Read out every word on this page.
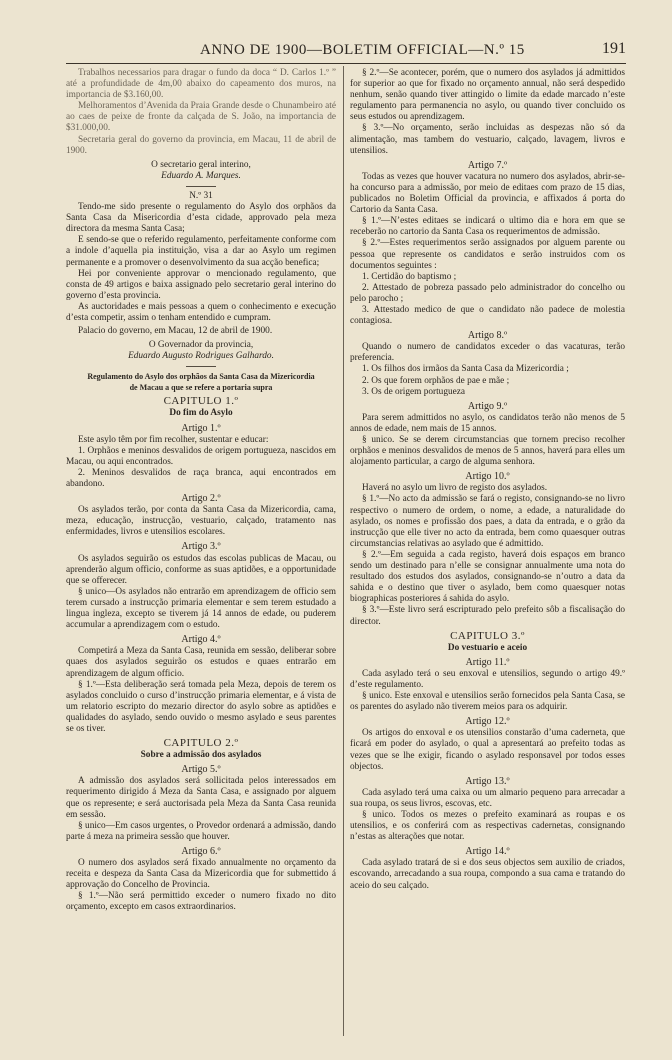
ANNO DE 1900—BOLETIM OFFICIAL—N.º 15	191

Trabalhos necessarios para dragar o fundo da doca “ D. Carlos 1.º ” até a profundidade de 4m,00 abaixo do capeamento dos muros, na importancia de $3.160,00.

Melhoramentos d’Avenida da Praia Grande desde o Chunambeiro até ao caes de peixe de fronte da calçada de S. João, na importancia de $31.000,00.

Secretaria geral do governo da provincia, em Macau, 11 de abril de 1900.

O secretario geral interino,

Eduardo A. Marques.

N.º 31

Tendo-me sido presente o regulamento do Asylo dos orphãos da Santa Casa da Misericordia d’esta cidade, approvado pela meza directora da mesma Santa Casa;

E sendo-se que o referido regulamento, perfeitamente conforme com a indole d’aquella pia instituição, visa a dar ao Asylo um regimen permanente e a promover o desenvolvimento da sua acção benefica;

Hei por conveniente approvar o mencionado regulamento, que consta de 49 artigos e baixa assignado pelo secretario geral interino do governo d’esta provincia.

As auctoridades e mais pessoas a quem o conhecimento e execução d’esta competir, assim o tenham entendido e cumpram.

Palacio do governo, em Macau, 12 de abril de 1900.

O Governador da provincia,

Eduardo Augusto Rodrigues Galhardo.

Regulamento do Asylo dos orphãos da Santa Casa da Mizericordia
de Macau a que se refere a portaria supra

CAPITULO 1.º

Do fim do Asylo

Artigo 1.º

Este asylo têm por fim recolher, sustentar e educar:

1. Orphãos e meninos desvalidos de origem portugueza, nascidos em Macau, ou aqui encontrados.

2. Meninos desvalidos de raça branca, aqui encontrados em abandono.

Artigo 2.º

Os asylados terão, por conta da Santa Casa da Mizericordia, cama, meza, educação, instrucção, vestuario, calçado, tratamento nas enfermidades, livros e utensilios escolares.

Artigo 3.º

Os asylados seguirão os estudos das escolas publicas de Macau, ou aprenderão algum officio, conforme as suas aptidões, e a opportunidade que se offerecer.

§ unico—Os asylados não entrarão em aprendizagem de officio sem terem cursado a instrucção primaria elementar e sem terem estudado a lingua ingleza, excepto se tiverem já 14 annos de edade, ou puderem accumular a aprendizagem com o estudo.

Artigo 4.º

Competirá a Meza da Santa Casa, reunida em sessão, deliberar sobre quaes dos asylados seguirão os estudos e quaes entrarão em aprendizagem de algum officio.

§ 1.º—Esta deliberação será tomada pela Meza, depois de terem os asylados concluido o curso d’instrucção primaria elementar, e á vista de um relatorio escripto do mezario director do asylo sobre as aptidões e qualidades do asylado, sendo ouvido o mesmo asylado e seus parentes se os tiver.

CAPITULO 2.º

Sobre a admissão dos asylados

Artigo 5.º

A admissão dos asylados será sollicitada pelos interessados em requerimento dirigido á Meza da Santa Casa, e assignado por alguem que os represente; e será auctorisada pela Meza da Santa Casa reunida em sessão.

§ unico—Em casos urgentes, o Provedor ordenará a admissão, dando parte á meza na primeira sessão que houver.

Artigo 6.º

O numero dos asylados será fixado annualmente no orçamento da receita e despeza da Santa Casa da Mizericordia que for submettido á approvação do Concelho de Provincia.

§ 1.º—Não será permittido exceder o numero fixado no dito orçamento, excepto em casos extraordinarios.

§ 2.º—Se acontecer, porém, que o numero dos asylados já admittidos for superior ao que for fixado no orçamento annual, não será despedido nenhum, senão quando tiver attingido o limite da edade marcado n’este regulamento para permanencia no asylo, ou quando tiver concluido os seus estudos ou aprendizagem.

§ 3.º—No orçamento, serão incluidas as despezas não só da alimentação, mas tambem do vestuario, calçado, lavagem, livros e utensilios.

Artigo 7.º

Todas as vezes que houver vacatura no numero dos asylados, abrir-se-ha concurso para a admissão, por meio de editaes com prazo de 15 dias, publicados no Boletim Official da provincia, e affixados á porta do Cartorio da Santa Casa.

§ 1.º—N’estes editaes se indicará o ultimo dia e hora em que se receberão no cartorio da Santa Casa os requerimentos de admissão.

§ 2.º—Estes requerimentos serão assignados por alguem parente ou pessoa que represente os candidatos e serão instruidos com os documentos seguintes :

1. Certidão do baptismo ;

2. Attestado de pobreza passado pelo administrador do concelho ou pelo parocho ;

3. Attestado medico de que o candidato não padece de molestia contagiosa.

Artigo 8.º

Quando o numero de candidatos exceder o das vacaturas, terão preferencia.

1. Os filhos dos irmãos da Santa Casa da Mizericordia ;

2. Os que forem orphãos de pae e mãe ;

3. Os de origem portugueza

Artigo 9.º

Para serem admittidos no asylo, os candidatos terão não menos de 5 annos de edade, nem mais de 15 annos.

§ unico. Se se derem circumstancias que tornem preciso recolher orphãos e meninos desvalidos de menos de 5 annos, haverá para elles um alojamento particular, a cargo de alguma senhora.

Artigo 10.º

Haverá no asylo um livro de registo dos asylados.

§ 1.º—No acto da admissão se fará o registo, consignando-se no livro respectivo o numero de ordem, o nome, a edade, a naturalidade do asylado, os nomes e profissão dos paes, a data da entrada, e o grão da instrucção que elle tiver no acto da entrada, bem como quaesquer outras circumstancias relativas ao asylado que é admittido.

§ 2.º—Em seguida a cada registo, haverá dois espaços em branco sendo um destinado para n’elle se consignar annualmente uma nota do resultado dos estudos dos asylados, consignando-se n’outro a data da sahida e o destino que tiver o asylado, bem como quaesquer notas biographicas posteriores á sahida do asylo.

§ 3.º—Este livro será escripturado pelo prefeito sôb a fiscalisação do director.

CAPITULO 3.º

Do vestuario e aceio

Artigo 11.º

Cada asylado terá o seu enxoval e utensilios, segundo o artigo 49.º d’este regulamento.

§ unico. Este enxoval e utensilios serão fornecidos pela Santa Casa, se os parentes do asylado não tiverem meios para os adquirir.

Artigo 12.º

Os artigos do enxoval e os utensilios constarão d’uma caderneta, que ficará em poder do asylado, o qual a apresentará ao prefeito todas as vezes que se lhe exigir, ficando o asylado responsavel por todos esses objectos.

Artigo 13.º

Cada asylado terá uma caixa ou um almario pequeno para arrecadar a sua roupa, os seus livros, escovas, etc.

§ unico. Todos os mezes o prefeito examinará as roupas e os utensilios, e os conferirá com as respectivas cadernetas, consignando n’estas as alterações que notar.

Artigo 14.º

Cada asylado tratará de si e dos seus objectos sem auxilio de criados, escovando, arrecadando a sua roupa, compondo a sua cama e tratando do aceio do seu calçado.
